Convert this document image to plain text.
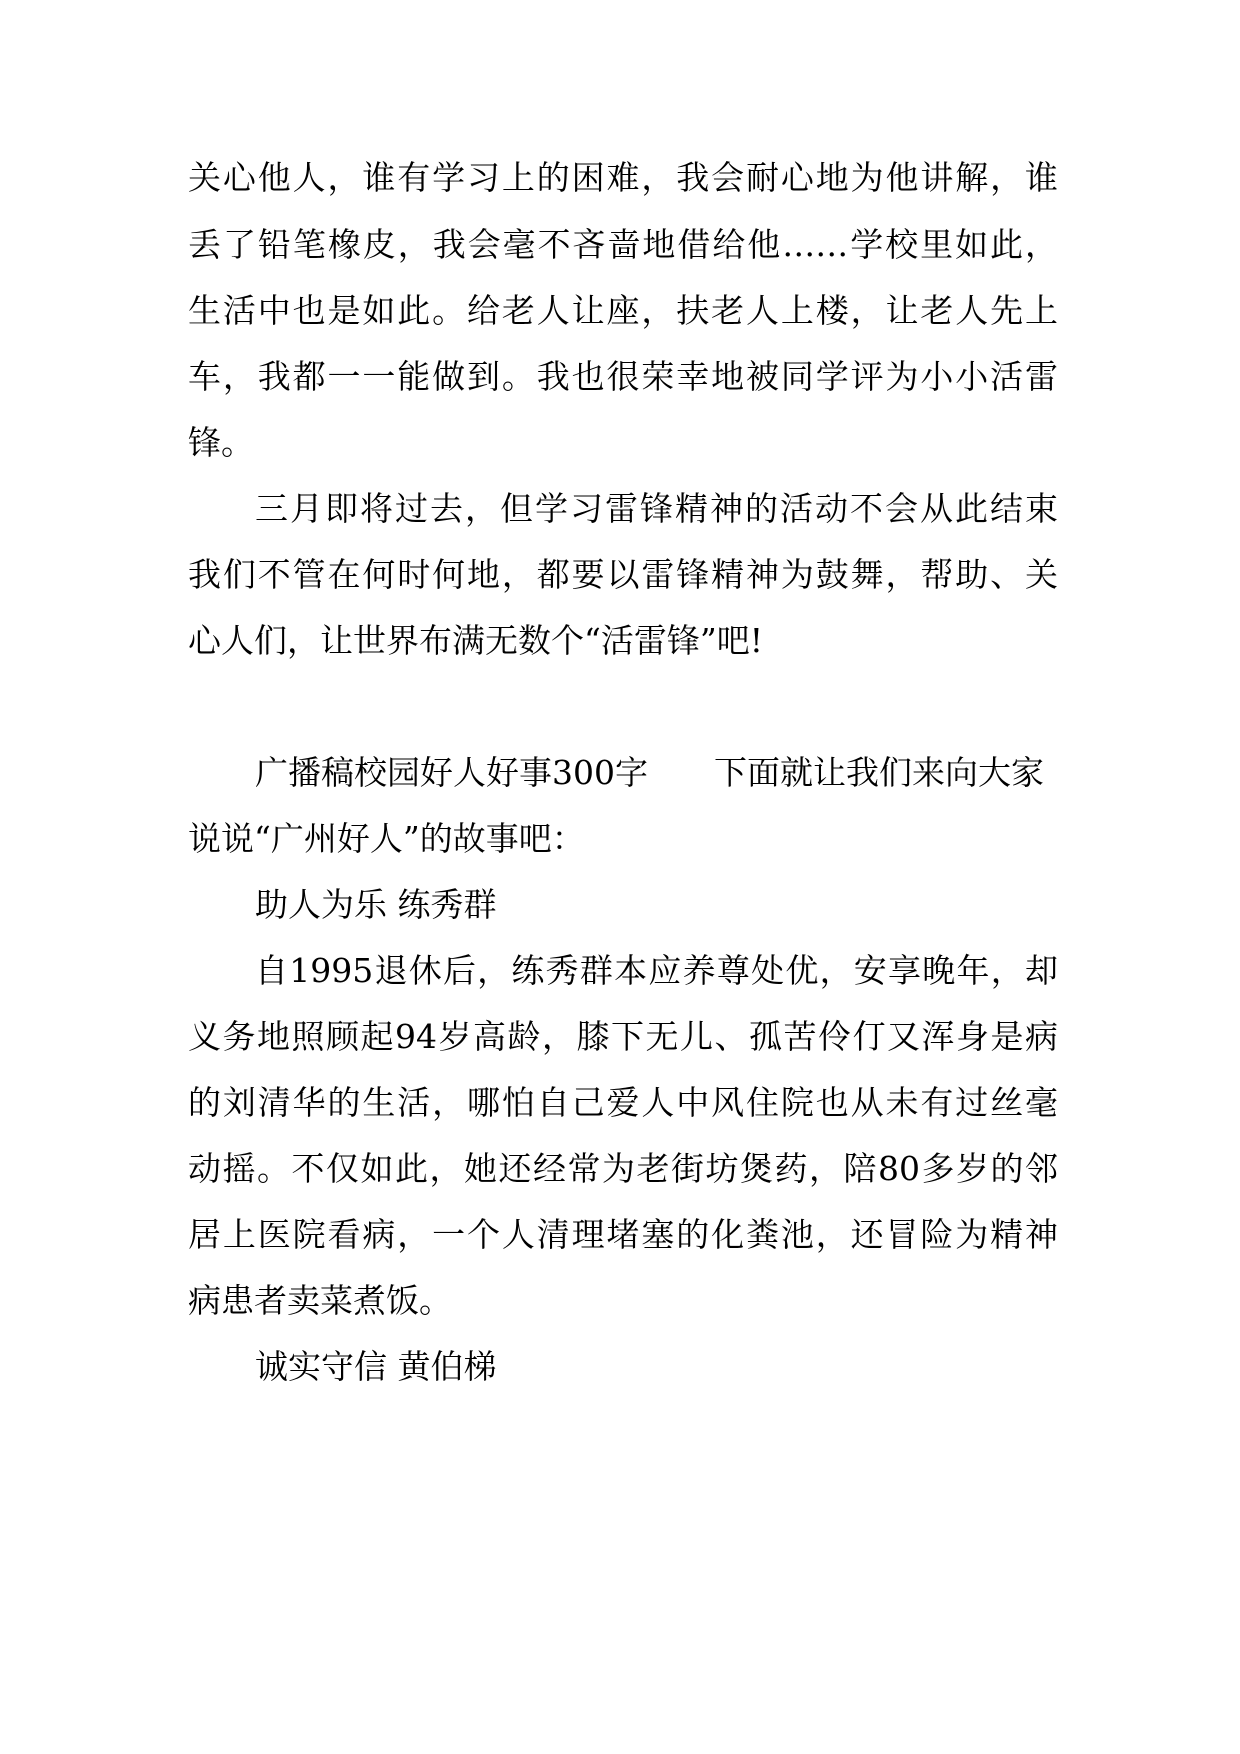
关心他人，谁有学习上的困难，我会耐心地为他讲解，谁
丢了铅笔橡皮，我会毫不吝啬地借给他……学校里如此，
生活中也是如此。给老人让座，扶老人上楼，让老人先上
车，我都一一能做到。我也很荣幸地被同学评为小小活雷
锋。
三月即将过去，但学习雷锋精神的活动不会从此结束
我们不管在何时何地，都要以雷锋精神为鼓舞，帮助、关
心人们，让世界布满无数个“活雷锋”吧!
广播稿校园好人好事300字 下面就让我们来向大家
说说“广州好人”的故事吧：
助人为乐 练秀群
自1995退休后，练秀群本应养尊处优，安享晚年，却
义务地照顾起94岁高龄，膝下无儿、孤苦伶仃又浑身是病
的刘清华的生活，哪怕自己爱人中风住院也从未有过丝毫
动摇。不仅如此，她还经常为老街坊煲药，陪80多岁的邻
居上医院看病，一个人清理堵塞的化粪池，还冒险为精神
病患者卖菜煮饭。
诚实守信 黄伯梯
